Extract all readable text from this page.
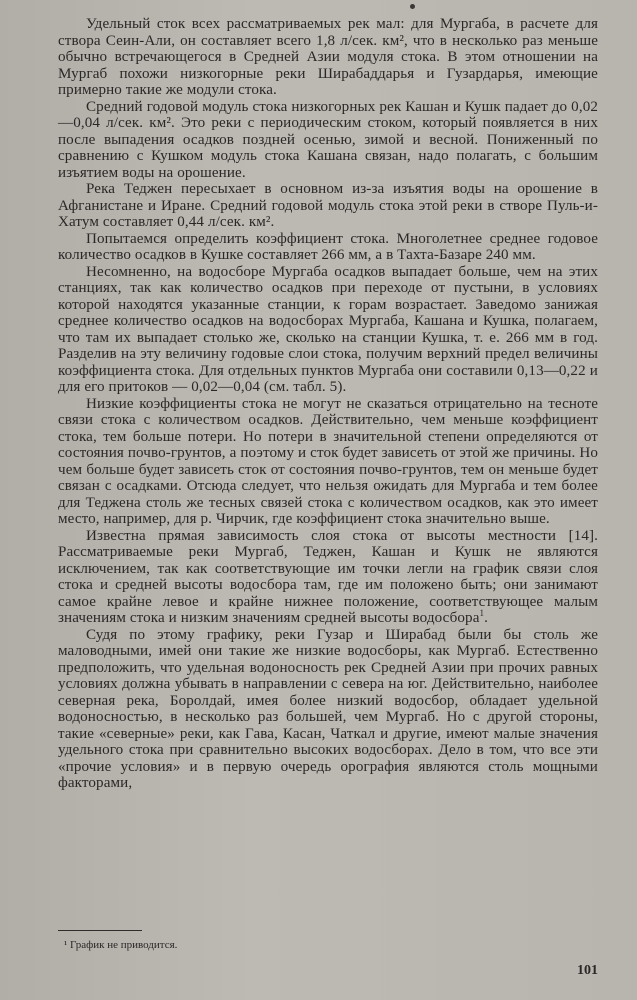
Удельный сток всех рассматриваемых рек мал: для Мургаба, в расчете для створа Сеин-Али, он составляет всего 1,8 л/сек. км², что в несколько раз меньше обычно встречающегося в Средней Азии модуля стока. В этом отношении на Мургаб похожи низкогорные реки Ширабаддарья и Гузардарья, имеющие примерно такие же модули стока.

Средний годовой модуль стока низкогорных рек Кашан и Кушк падает до 0,02—0,04 л/сек. км². Это реки с периодическим стоком, который появляется в них после выпадения осадков поздней осенью, зимой и весной. Пониженный по сравнению с Кушком модуль стока Кашана связан, надо полагать, с большим изъятием воды на орошение.

Река Теджен пересыхает в основном из-за изъятия воды на орошение в Афганистане и Иране. Средний годовой модуль стока этой реки в створе Пуль-и-Хатум составляет 0,44 л/сек. км².

Попытаемся определить коэффициент стока. Многолетнее среднее годовое количество осадков в Кушке составляет 266 мм, а в Тахта-Базаре 240 мм.

Несомненно, на водосборе Мургаба осадков выпадает больше, чем на этих станциях, так как количество осадков при переходе от пустыни, в условиях которой находятся указанные станции, к горам возрастает. Заведомо занижая среднее количество осадков на водосборах Мургаба, Кашана и Кушка, полагаем, что там их выпадает столько же, сколько на станции Кушка, т. е. 266 мм в год. Разделив на эту величину годовые слои стока, получим верхний предел величины коэффициента стока. Для отдельных пунктов Мургаба они составили 0,13—0,22 и для его притоков — 0,02—0,04 (см. табл. 5).

Низкие коэффициенты стока не могут не сказаться отрицательно на тесноте связи стока с количеством осадков. Действительно, чем меньше коэффициент стока, тем больше потери. Но потери в значительной степени определяются от состояния почво-грунтов, а поэтому и сток будет зависеть от этой же причины. Но чем больше будет зависеть сток от состояния почво-грунтов, тем он меньше будет связан с осадками. Отсюда следует, что нельзя ожидать для Мургаба и тем более для Теджена столь же тесных связей стока с количеством осадков, как это имеет место, например, для р. Чирчик, где коэффициент стока значительно выше.

Известна прямая зависимость слоя стока от высоты местности [14]. Рассматриваемые реки Мургаб, Теджен, Кашан и Кушк не являются исключением, так как соответствующие им точки легли на график связи слоя стока и средней высоты водосбора там, где им положено быть; они занимают самое крайне левое и крайне нижнее положение, соответствующее малым значениям стока и низким значениям средней высоты водосбора$^1$.

Судя по этому графику, реки Гузар и Ширабад были бы столь же маловодными, имей они такие же низкие водосборы, как Мургаб. Естественно предположить, что удельная водоносность рек Средней Азии при прочих равных условиях должна убывать в направлении с севера на юг. Действительно, наиболее северная река, Боролдай, имея более низкий водосбор, обладает удельной водоносностью, в несколько раз большей, чем Мургаб. Но с другой стороны, такие «северные» реки, как Гава, Касан, Чаткал и другие, имеют малые значения удельного стока при сравнительно высоких водосборах. Дело в том, что все эти «прочие условия» и в первую очередь орография являются столь мощными факторами,

¹ График не приводится.
101
